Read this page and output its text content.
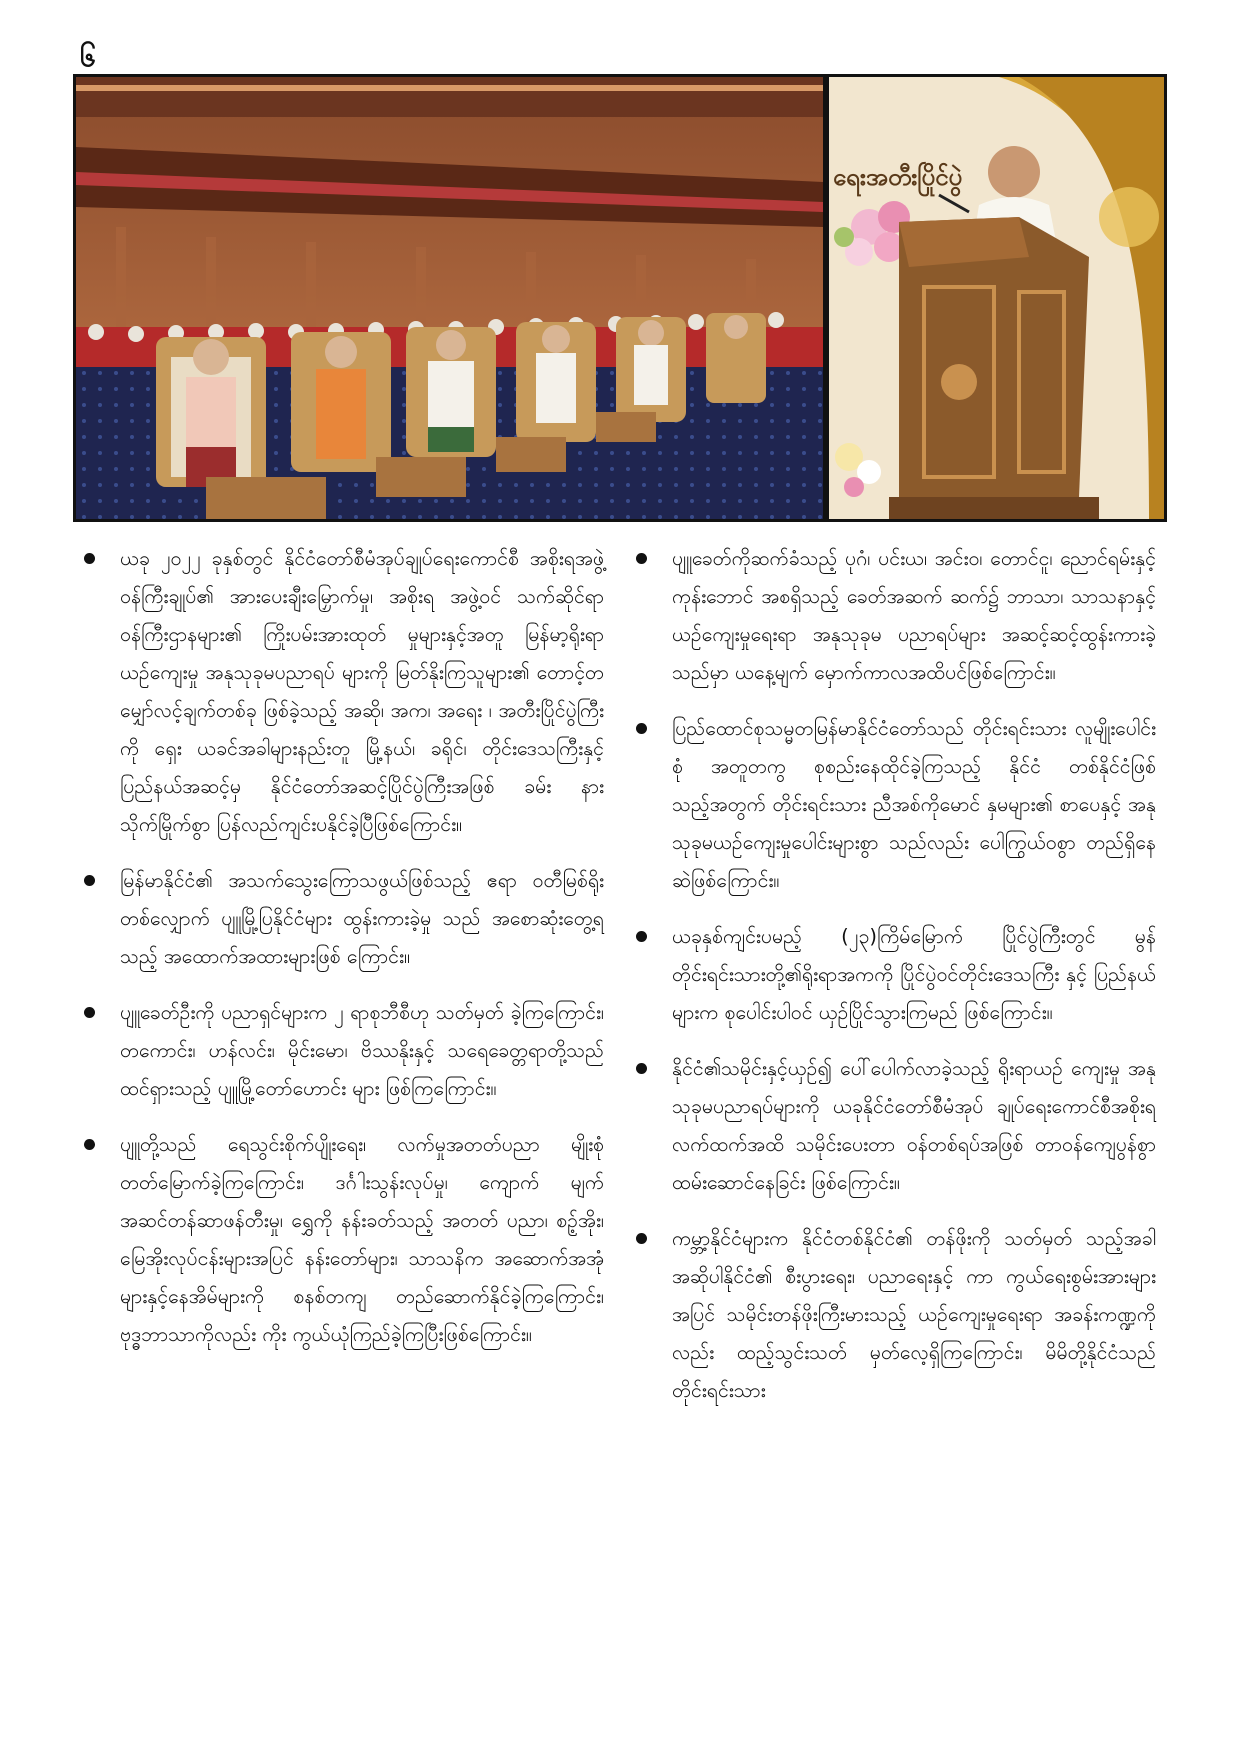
၆
ရေးအတီးပြိုင်ပွဲ
ယခု ၂၀၂၂ ခုနှစ်တွင် နိုင်ငံတော်စီမံအုပ်ချုပ်ရေးကောင်စီ အစိုးရအဖွဲ့ဝန်ကြီးချုပ်၏ အားပေးချီးမြှောက်မှု၊ အစိုးရ အဖွဲ့ဝင် သက်ဆိုင်ရာဝန်ကြီးဌာနများ၏ ကြိုးပမ်းအားထုတ် မှုများနှင့်အတူ မြန်မာ့ရိုးရာယဉ်ကျေးမှု အနုသုခုမပညာရပ် များကို မြတ်နိုးကြသူများ၏ တောင့်တမျှော်လင့်ချက်တစ်ခု ဖြစ်ခဲ့သည့် အဆို၊ အက၊ အရေး ၊ အတီးပြိုင်ပွဲကြီးကို ရှေး ယခင်အခါများနည်းတူ မြို့နယ်၊ ခရိုင်၊ တိုင်းဒေသကြီးနှင့် ပြည်နယ်အဆင့်မှ နိုင်ငံတော်အဆင့်ပြိုင်ပွဲကြီးအဖြစ် ခမ်း နားသိုက်မြိုက်စွာ ပြန်လည်ကျင်းပနိုင်ခဲ့ပြီဖြစ်ကြောင်း။
မြန်မာနိုင်ငံ၏ အသက်သွေးကြောသဖွယ်ဖြစ်သည့် ဧရာ ဝတီမြစ်ရိုးတစ်လျှောက် ပျူမြို့ပြနိုင်ငံများ ထွန်းကားခဲ့မှု သည် အစောဆုံးတွေ့ရသည့် အထောက်အထားများဖြစ် ကြောင်း။
ပျူခေတ်ဦးကို ပညာရှင်များက ၂ ရာစုဘီစီဟု သတ်မှတ် ခဲ့ကြကြောင်း၊ တကောင်း၊ ဟန်လင်း၊ မိုင်းမော၊ ဗိဿနိုးနှင့် သရေခေတ္တရာတို့သည် ထင်ရှားသည့် ပျူမြို့တော်ဟောင်း များ ဖြစ်ကြကြောင်း။
ပျူတို့သည် ရေသွင်းစိုက်ပျိုးရေး၊ လက်မှုအတတ်ပညာ မျိုးစုံ တတ်မြောက်ခဲ့ကြကြောင်း၊ ဒင်္ဂါးသွန်းလုပ်မှု၊ ကျောက် မျက်အဆင်တန်ဆာဖန်တီးမှု၊ ရွှေကို နန်းခတ်သည့် အတတ် ပညာ၊ စဉ့်အိုး၊ မြေအိုးလုပ်ငန်းများအပြင် နန်းတော်များ၊ သာသနိက အဆောက်အအုံများနှင့်နေအိမ်များကို စနစ်တကျ တည်ဆောက်နိုင်ခဲ့ကြကြောင်း၊ ဗုဒ္ဓဘာသာကိုလည်း ကိုး ကွယ်ယုံကြည်ခဲ့ကြပြီးဖြစ်ကြောင်း။
ပျူခေတ်ကိုဆက်ခံသည့် ပုဂံ၊ ပင်းယ၊ အင်းဝ၊ တောင်ငူ၊ ညောင်ရမ်းနှင့် ကုန်းဘောင် အစရှိသည့် ခေတ်အဆက် ဆက်၌ ဘာသာ၊ သာသနာနှင့် ယဉ်ကျေးမှုရေးရာ အနုသုခုမ ပညာရပ်များ အဆင့်ဆင့်ထွန်းကားခဲ့သည်မှာ ယနေ့မျက် မှောက်ကာလအထိပင်ဖြစ်ကြောင်း။
ပြည်ထောင်စုသမ္မတမြန်မာနိုင်ငံတော်သည် တိုင်းရင်းသား လူမျိုးပေါင်းစုံ အတူတကွ စုစည်းနေထိုင်ခဲ့ကြသည့် နိုင်ငံ တစ်နိုင်ငံဖြစ်သည့်အတွက် တိုင်းရင်းသား ညီအစ်ကိုမောင် နှမများ၏ စာပေနှင့် အနုသုခုမယဉ်ကျေးမှုပေါင်းများစွာ သည်လည်း ပေါကြွယ်ဝစွာ တည်ရှိနေဆဲဖြစ်ကြောင်း။
ယခုနှစ်ကျင်းပမည့် (၂၃)ကြိမ်မြောက် ပြိုင်ပွဲကြီးတွင် မွန် တိုင်းရင်းသားတို့၏ရိုးရာအကကို ပြိုင်ပွဲဝင်တိုင်းဒေသကြီး နှင့် ပြည်နယ်များက စုပေါင်းပါဝင် ယှဉ်ပြိုင်သွားကြမည် ဖြစ်ကြောင်း။
နိုင်ငံ၏သမိုင်းနှင့်ယှဉ်၍ ပေါ်ပေါက်လာခဲ့သည့် ရိုးရာယဉ် ကျေးမှု အနုသုခုမပညာရပ်များကို ယခုနိုင်ငံတော်စီမံအုပ် ချုပ်ရေးကောင်စီအစိုးရလက်ထက်အထိ သမိုင်းပေးတာ ဝန်တစ်ရပ်အဖြစ် တာဝန်ကျေပွန်စွာ ထမ်းဆောင်နေခြင်း ဖြစ်ကြောင်း။
ကမ္ဘာ့နိုင်ငံများက နိုင်ငံတစ်နိုင်ငံ၏ တန်ဖိုးကို သတ်မှတ် သည့်အခါ အဆိုပါနိုင်ငံ၏ စီးပွားရေး၊ ပညာရေးနှင့် ကာ ကွယ်ရေးစွမ်းအားများအပြင် သမိုင်းတန်ဖိုးကြီးမားသည့် ယဉ်ကျေးမှုရေးရာ အခန်းကဏ္ဍကိုလည်း ထည့်သွင်းသတ် မှတ်လေ့ရှိကြကြောင်း၊ မိမိတို့နိုင်ငံသည် တိုင်းရင်းသား
